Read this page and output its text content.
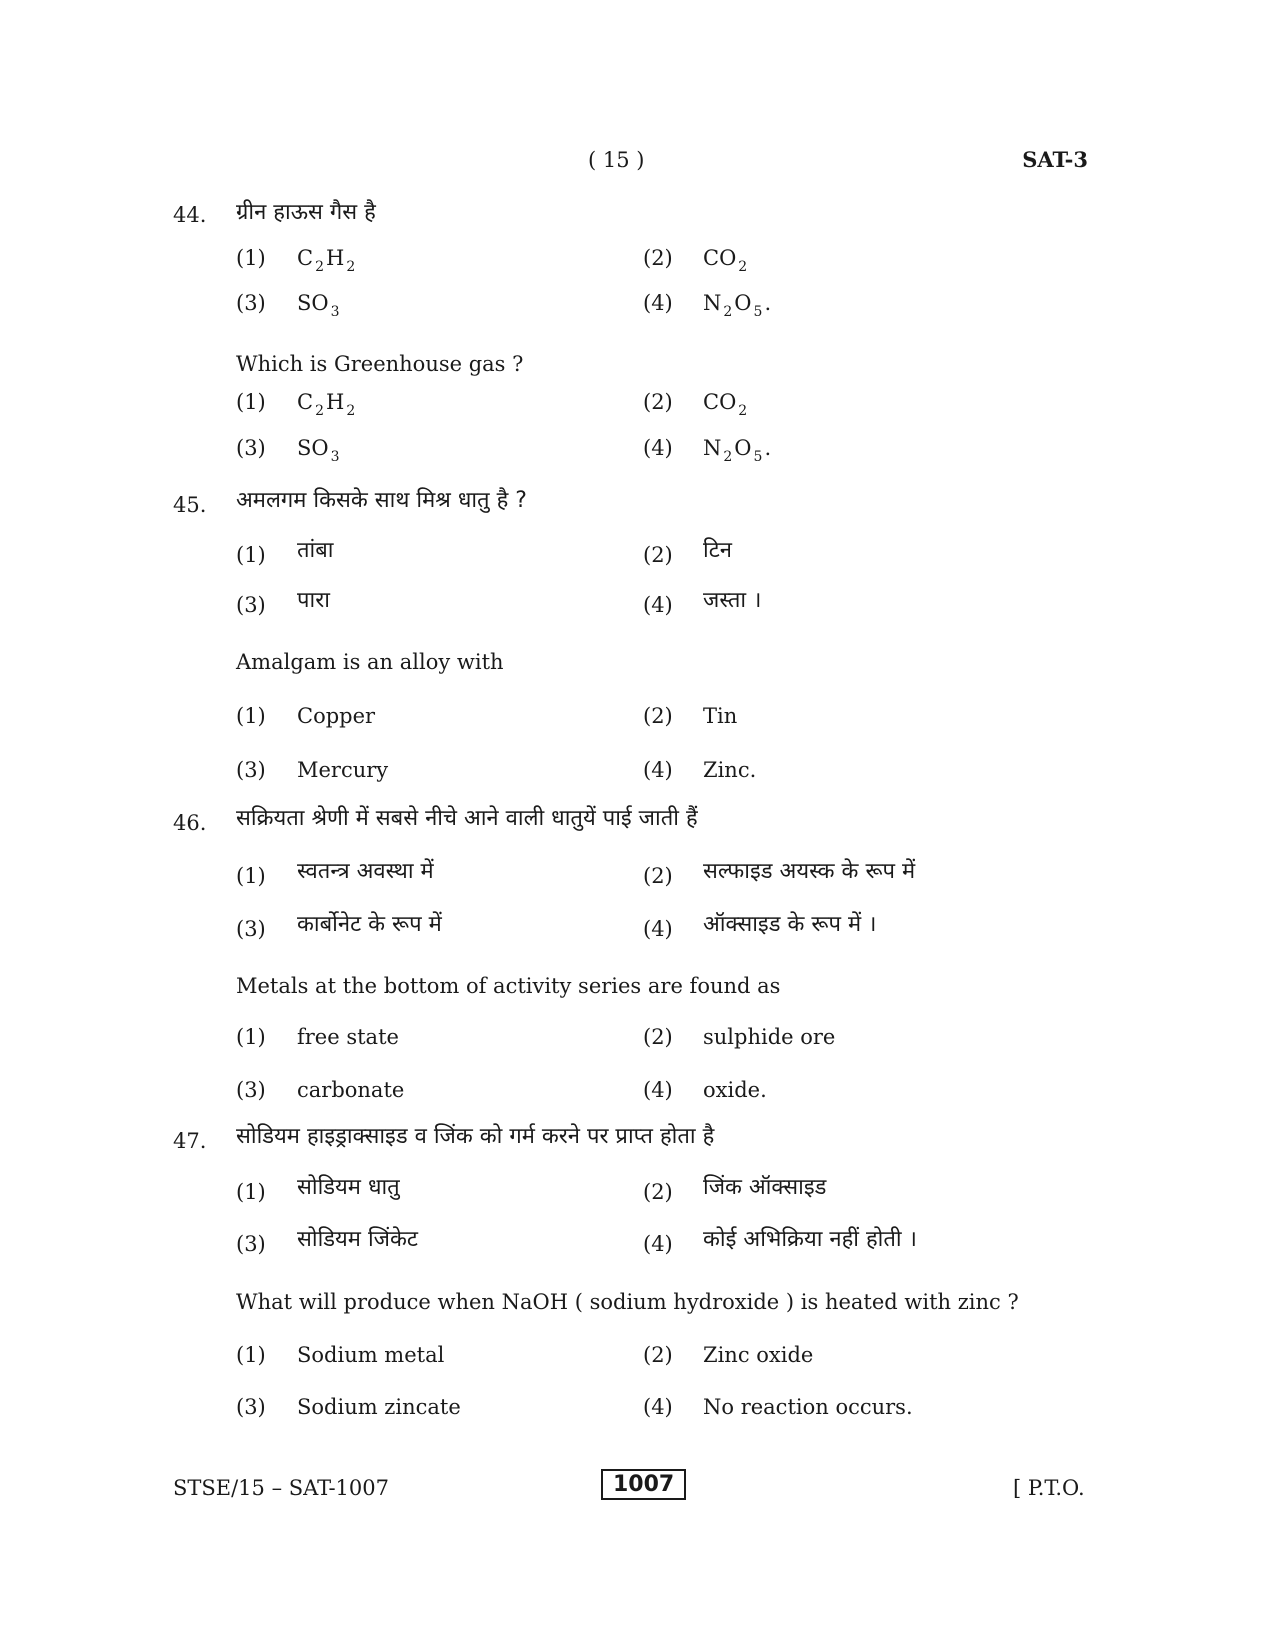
( 15 )	SAT-3
44. ग्रीन हाऊस गैस है
(1) C $_2$H $_2$	(2) CO $_2$
(3) SO $_3$	(4) N $_2$O $_5$.
Which is Greenhouse gas ?
(1) C $_2$H $_2$	(2) CO $_2$
(3) SO $_3$	(4) N $_2$O $_5$.
45. अमलगम किसके साथ मिश्र धातु है ?
(1) तांबा	(2) टिन
(3) पारा	(4) जस्ता ।
Amalgam is an alloy with
(1) Copper	(2) Tin
(3) Mercury	(4) Zinc.
46. सक्रियता श्रेणी में सबसे नीचे आने वाली धातुयें पाई जाती हैं
(1) स्वतन्त्र अवस्था में	(2) सल्फाइड अयस्क के रूप में
(3) कार्बोनेट के रूप में	(4) ऑक्साइड के रूप में ।
Metals at the bottom of activity series are found as
(1) free state	(2) sulphide ore
(3) carbonate	(4) oxide.
47. सोडियम हाइड्राक्साइड व जिंक को गर्म करने पर प्राप्त होता है
(1) सोडियम धातु	(2) जिंक ऑक्साइड
(3) सोडियम जिंकेट	(4) कोई अभिक्रिया नहीं होती ।
What will produce when NaOH ( sodium hydroxide ) is heated with zinc ?
(1) Sodium metal	(2) Zinc oxide
(3) Sodium zincate	(4) No reaction occurs.
STSE/15 – SAT-1007	1007	[ P.T.O.
